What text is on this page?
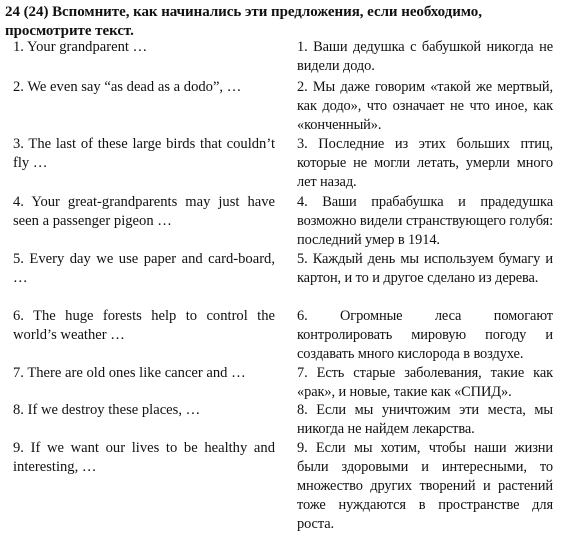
24 (24) Вспомните, как начинались эти предложения, если необходимо, просмотрите текст.

1. Your grandparent …

2. We even say “as dead as a dodo”, …

3. The last of these large birds that couldn’t fly …

4. Your great-grandparents may just have seen a passenger pigeon …

5. Every day we use paper and card-board, …

6. The huge forests help to control the world’s weather …

7. There are old ones like cancer and …

8. If we destroy these places, …

9. If we want our lives to be healthy and interesting, …

1. Ваши дедушка с бабушкой никогда не видели додо.

2. Мы даже говорим «такой же мертвый, как додо», что означает не что иное, как «конченный».

3. Последние из этих больших птиц, которые не могли летать, умерли много лет назад.

4. Ваши прабабушка и прадедушка возможно видели странствующего голубя: последний умер в 1914.

5. Каждый день мы используем бумагу и картон, и то и другое сделано из дерева.

6. Огромные леса помогают контролировать мировую погоду и создавать много кислорода в воздухе.

7. Есть старые заболевания, такие как «рак», и новые, такие как «СПИД».

8. Если мы уничтожим эти места, мы никогда не найдем лекарства.

9. Если мы хотим, чтобы наши жизни были здоровыми и интересными, то множество других творений и растений тоже нуждаются в пространстве для роста.
